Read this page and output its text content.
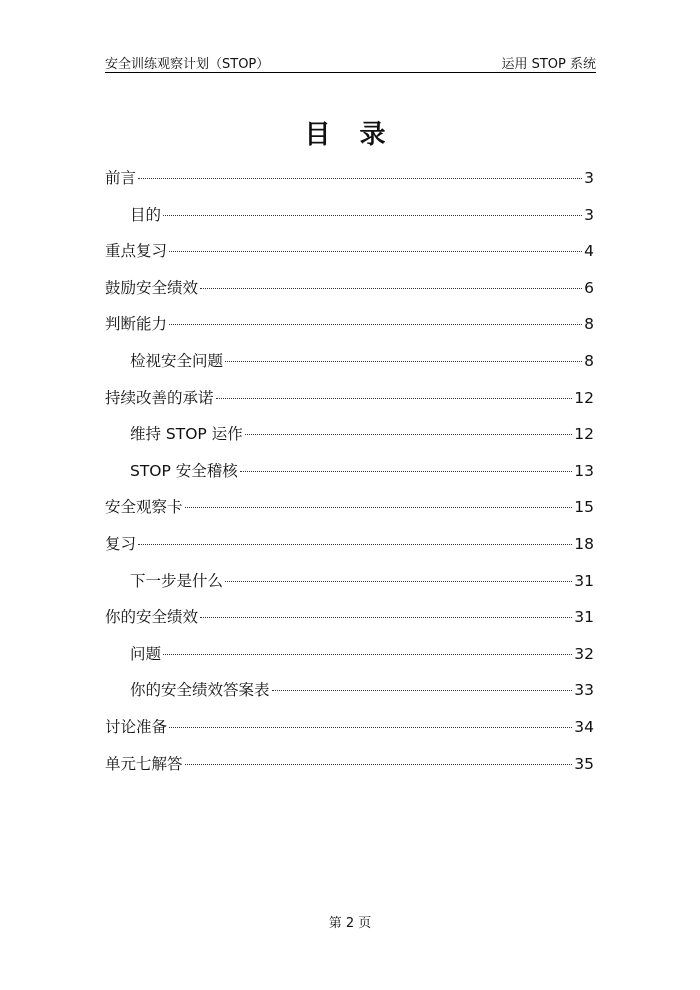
安全训练观察计划（STOP）	运用 STOP 系统
目 录
前言	3
目的	3
重点复习	4
鼓励安全绩效	6
判断能力	8
检视安全问题	8
持续改善的承诺	12
维持 STOP 运作	12
STOP 安全稽核	13
安全观察卡	15
复习	18
下一步是什么	31
你的安全绩效	31
问题	32
你的安全绩效答案表	33
讨论准备	34
单元七解答	35
第 2 页
